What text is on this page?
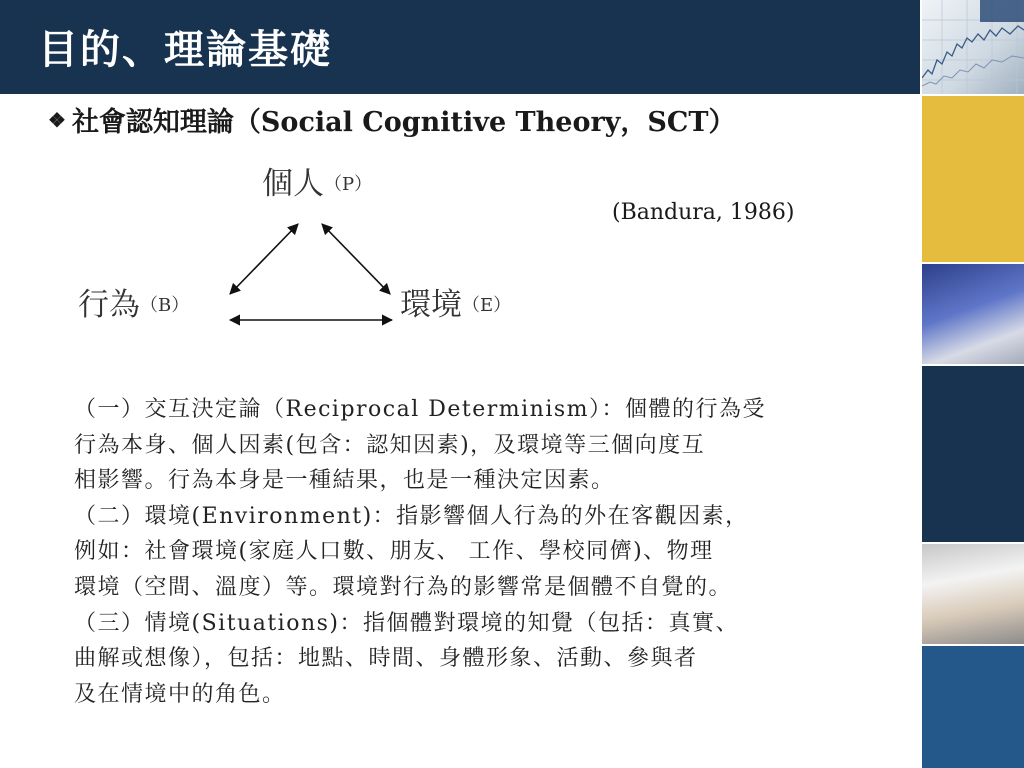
目的、理論基礎
❖ 社會認知理論（Social Cognitive Theory，SCT）
個人$^{(P)}$
(Bandura, 1986)
行為$^{(B)}$	環境$^{(E)}$
（一）交互決定論（Reciprocal Determinism）：個體的行為受
行為本身、個人因素(包含：認知因素)，及環境等三個向度互
相影響。行為本身是一種結果，也是一種決定因素。
（二）環境(Environment)：指影響個人行為的外在客觀因素，
例如：社會環境(家庭人口數、朋友、 工作、學校同儕)、物理
環境（空間、溫度）等。環境對行為的影響常是個體不自覺的。
（三）情境(Situations)：指個體對環境的知覺（包括：真實、
曲解或想像），包括：地點、時間、身體形象、活動、參與者
及在情境中的角色。
